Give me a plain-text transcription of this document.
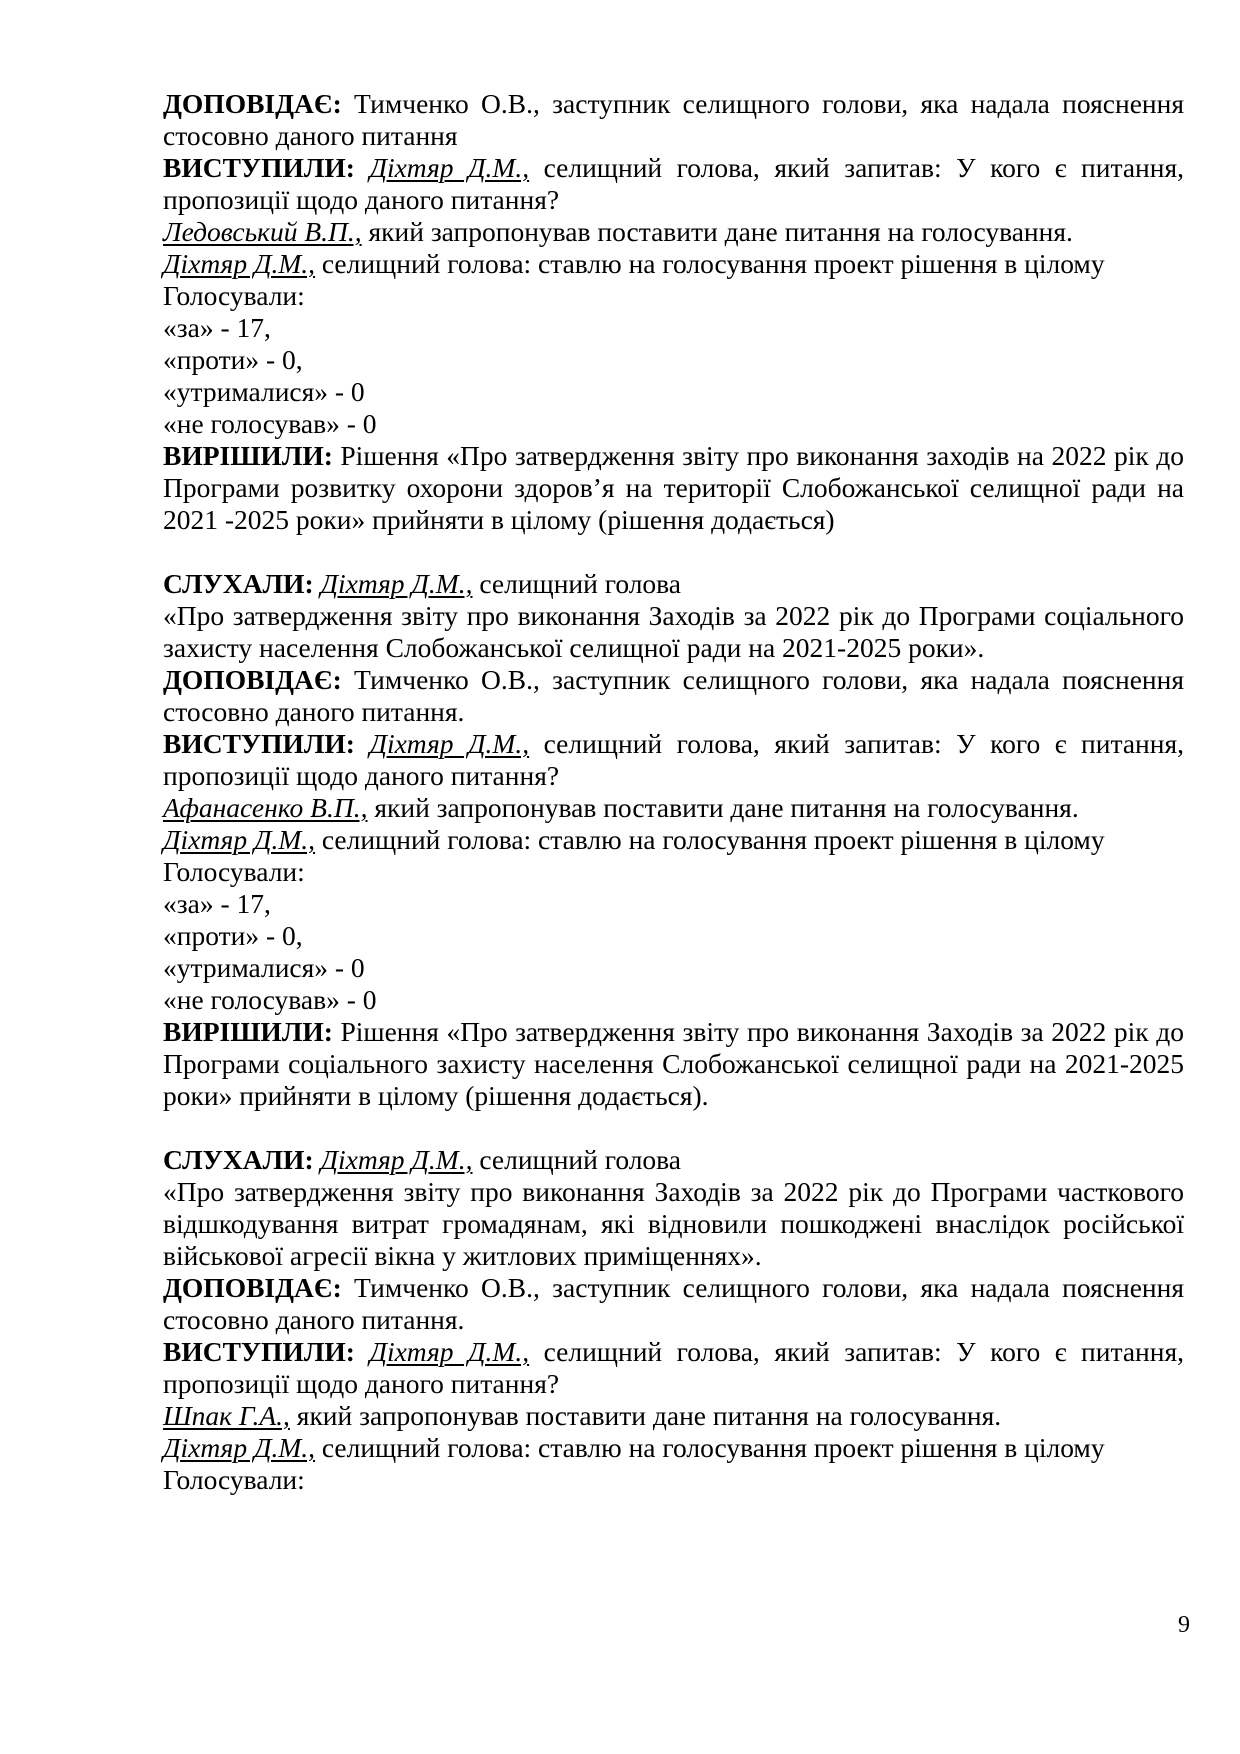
ДОПОВІДАЄ: Тимченко О.В., заступник селищного голови, яка надала пояснення стосовно даного питання

ВИСТУПИЛИ: Діхтяр Д.М., селищний голова, який запитав: У кого є питання, пропозиції щодо даного питання?

Ледовський В.П., який запропонував поставити дане питання на голосування.

Діхтяр Д.М., селищний голова: ставлю на голосування проект рішення в цілому

Голосували:

«за» - 17,

«проти» - 0,

«утрималися» - 0

«не голосував» - 0

ВИРІШИЛИ: Рішення «Про затвердження звіту про виконання заходів на 2022 рік до Програми розвитку охорони здоров’я на території Слобожанської селищної ради на 2021 -2025 роки» прийняти в цілому (рішення додається)

СЛУХАЛИ: Діхтяр Д.М., селищний голова

«Про затвердження звіту про виконання Заходів за 2022 рік до Програми соціального захисту населення Слобожанської селищної ради на 2021-2025 роки».

ДОПОВІДАЄ: Тимченко О.В., заступник селищного голови, яка надала пояснення стосовно даного питання.

ВИСТУПИЛИ: Діхтяр Д.М., селищний голова, який запитав: У кого є питання, пропозиції щодо даного питання?

Афанасенко В.П., який запропонував поставити дане питання на голосування.

Діхтяр Д.М., селищний голова: ставлю на голосування проект рішення в цілому

Голосували:

«за» - 17,

«проти» - 0,

«утрималися» - 0

«не голосував» - 0

ВИРІШИЛИ: Рішення «Про затвердження звіту про виконання Заходів за 2022 рік до Програми соціального захисту населення Слобожанської селищної ради на 2021-2025 роки» прийняти в цілому (рішення додається).

СЛУХАЛИ: Діхтяр Д.М., селищний голова

«Про затвердження звіту про виконання Заходів за 2022 рік до Програми часткового відшкодування витрат громадянам, які відновили пошкоджені внаслідок російської військової агресії вікна у житлових приміщеннях».

ДОПОВІДАЄ: Тимченко О.В., заступник селищного голови, яка надала пояснення стосовно даного питання.

ВИСТУПИЛИ: Діхтяр Д.М., селищний голова, який запитав: У кого є питання, пропозиції щодо даного питання?

Шпак Г.А., який запропонував поставити дане питання на голосування.

Діхтяр Д.М., селищний голова: ставлю на голосування проект рішення в цілому

Голосували:

9
